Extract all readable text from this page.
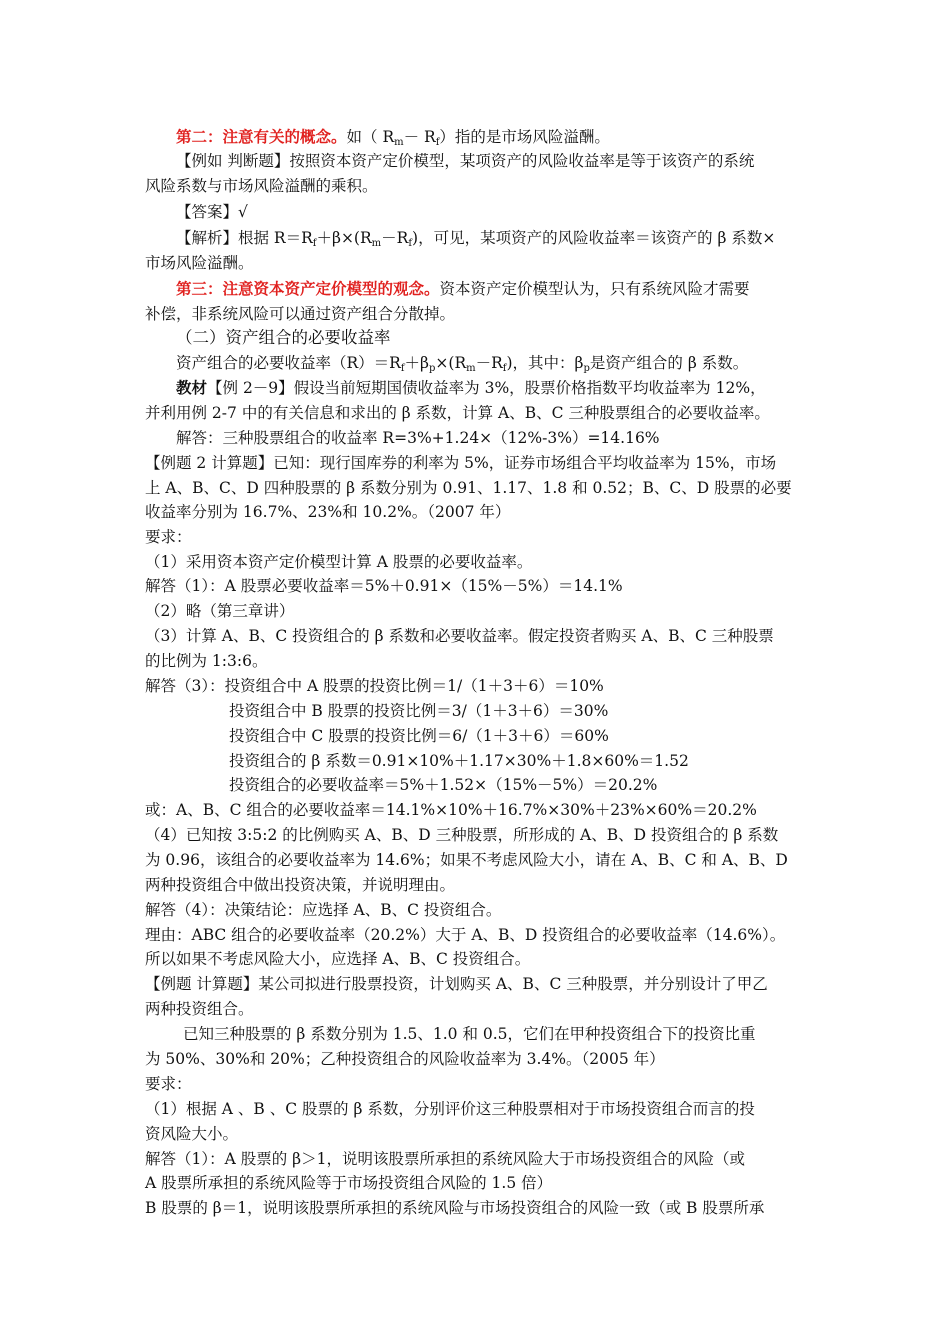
第二：注意有关的概念。如（ $R_m- R_f$）指的是市场风险溢酬。
【例如 判断题】按照资本资产定价模型，某项资产的风险收益率是等于该资产的系统
风险系数与市场风险溢酬的乘积。
【答案】√
【解析】根据 $R=R_f+\beta\times(R_m-R_f)$，可见，某项资产的风险收益率＝该资产的 β 系数×
市场风险溢酬。
第三：注意资本资产定价模型的观念。资本资产定价模型认为，只有系统风险才需要
补偿，非系统风险可以通过资产组合分散掉。
（二）资产组合的必要收益率
资产组合的必要收益率$(R)=R_f+\beta_p\times(R_m-R_f)$，其中：$\beta_p$是资产组合的 β 系数。
教材【例 2－9】假设当前短期国债收益率为 3%，股票价格指数平均收益率为 12%，
并利用例 2-7 中的有关信息和求出的 β 系数，计算 A、B、C 三种股票组合的必要收益率。
解答：三种股票组合的收益率 R=3%+1.24×（12%-3%）=14.16%
【例题 2 计算题】已知：现行国库券的利率为 5%，证券市场组合平均收益率为 15%，市场
上 A、B、C、D 四种股票的 β 系数分别为 0.91、1.17、1.8 和 0.52；B、C、D 股票的必要
收益率分别为 16.7%、23%和 10.2%。（2007 年）
要求：
（1）采用资本资产定价模型计算 A 股票的必要收益率。
解答（1）：A 股票必要收益率＝5%＋0.91×（15%－5%）＝14.1%
（2）略（第三章讲）
（3）计算 A、B、C 投资组合的 β 系数和必要收益率。假定投资者购买 A、B、C 三种股票
的比例为 1:3:6。
解答（3）：投资组合中 A 股票的投资比例＝1/（1＋3＋6）＝10%
投资组合中 B 股票的投资比例＝3/（1＋3＋6）＝30%
投资组合中 C 股票的投资比例＝6/（1＋3＋6）＝60%
投资组合的 β 系数＝0.91×10%＋1.17×30%＋1.8×60%＝1.52
投资组合的必要收益率＝5%＋1.52×（15%－5%）＝20.2%
或：A、B、C 组合的必要收益率＝14.1%×10%＋16.7%×30%＋23%×60%＝20.2%
（4）已知按 3:5:2 的比例购买 A、B、D 三种股票，所形成的 A、B、D 投资组合的 β 系数
为 0.96，该组合的必要收益率为 14.6%；如果不考虑风险大小，请在 A、B、C 和 A、B、D
两种投资组合中做出投资决策，并说明理由。
解答（4）：决策结论：应选择 A、B、C 投资组合。
理由：ABC 组合的必要收益率（20.2%）大于 A、B、D 投资组合的必要收益率（14.6%）。
所以如果不考虑风险大小，应选择 A、B、C 投资组合。
【例题 计算题】某公司拟进行股票投资，计划购买 A、B、C 三种股票，并分别设计了甲乙
两种投资组合。
已知三种股票的 β 系数分别为 1.5、1.0 和 0.5，它们在甲种投资组合下的投资比重
为 50%、30%和 20%；乙种投资组合的风险收益率为 3.4%。（2005 年）
要求：
（1）根据 A 、B 、C 股票的 β 系数，分别评价这三种股票相对于市场投资组合而言的投
资风险大小。
解答（1）：A 股票的 β＞1，说明该股票所承担的系统风险大于市场投资组合的风险（或
A 股票所承担的系统风险等于市场投资组合风险的 1.5 倍）
B 股票的 β＝1，说明该股票所承担的系统风险与市场投资组合的风险一致（或 B 股票所承
